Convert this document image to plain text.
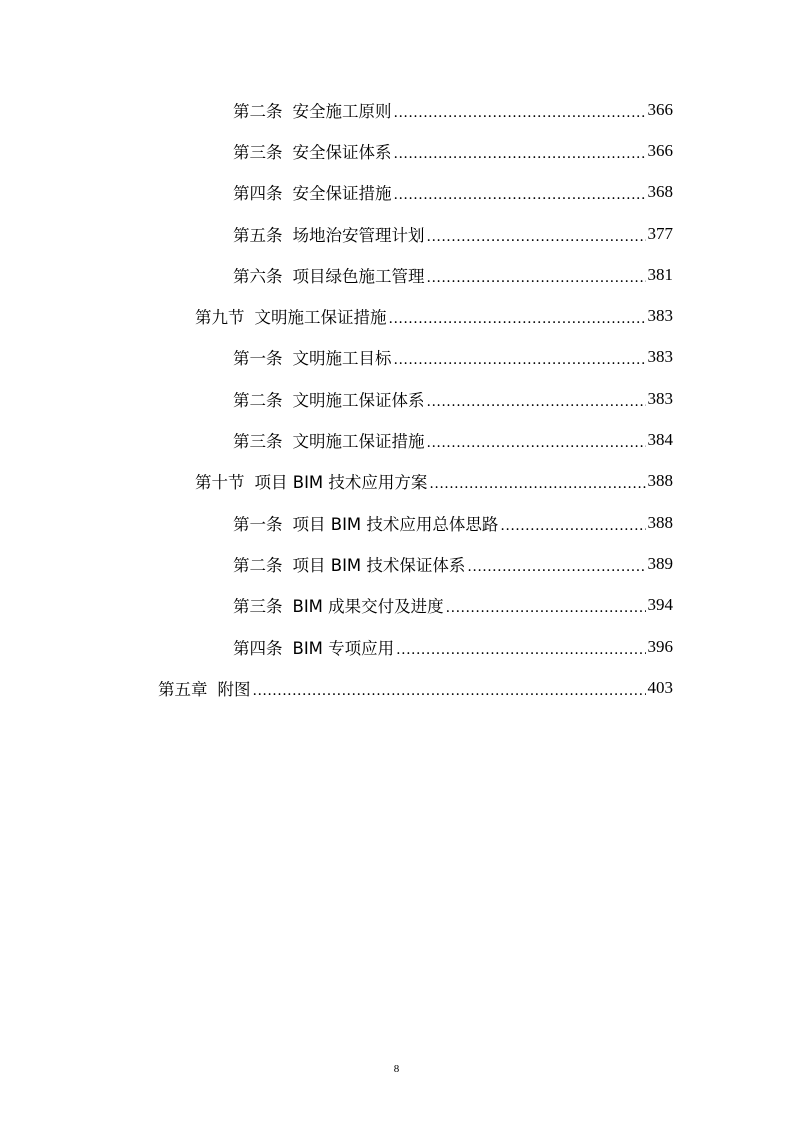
第二条 安全施工原则 .....	366
第三条 安全保证体系 .....	366
第四条 安全保证措施 .....	368
第五条 场地治安管理计划 .....	377
第六条 项目绿色施工管理 .....	381
第九节 文明施工保证措施 .....	383
第一条 文明施工目标 .....	383
第二条 文明施工保证体系 .....	383
第三条 文明施工保证措施 .....	384
第十节 项目 BIM 技术应用方案 .....	388
第一条 项目 BIM 技术应用总体思路 .....	388
第二条 项目 BIM 技术保证体系 .....	389
第三条 BIM 成果交付及进度 .....	394
第四条 BIM 专项应用 .....	396
第五章 附图 .....	403
8
